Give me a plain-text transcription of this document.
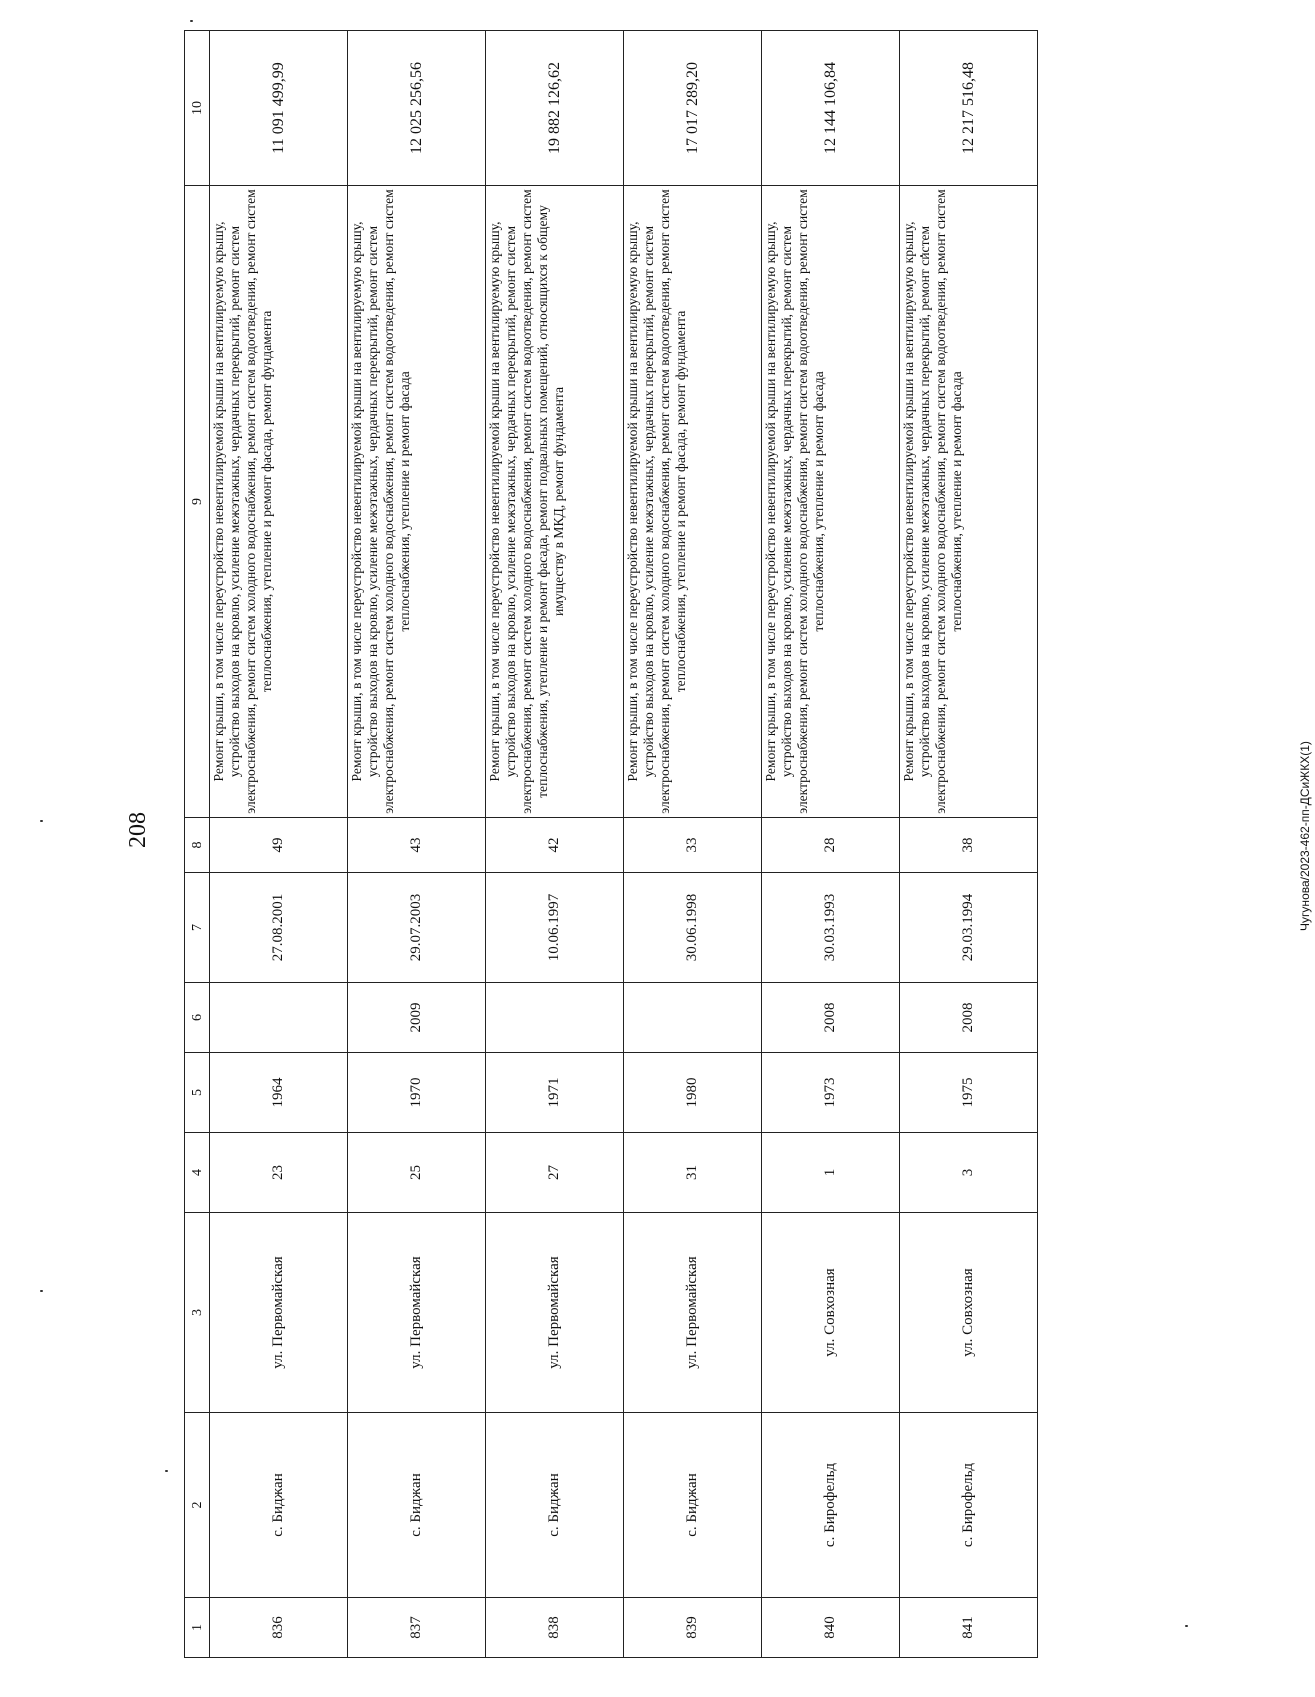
208	Чугунова/2023-462-пп-ДСиЖКХ(1)
1	2	3	4	5	6	7	8	9	10
836	с. Биджан	ул. Первомайская	23	1964		27.08.2001	49	Ремонт крыши, в том числе переустройство невентилируемой крыши на вентилируемую крышу, устройство выходов на кровлю, усиление межэтажных, чердачных перекрытий, ремонт систем электроснабжения, ремонт систем холодного водоснабжения, ремонт систем водоотведения, ремонт систем теплоснабжения, утепление и ремонт фасада, ремонт фундамента	11 091 499,99
837	с. Биджан	ул. Первомайская	25	1970	2009	29.07.2003	43	Ремонт крыши, в том числе переустройство невентилируемой крыши на вентилируемую крышу, устройство выходов на кровлю, усиление межэтажных, чердачных перекрытий, ремонт систем электроснабжения, ремонт систем холодного водоснабжения, ремонт систем водоотведения, ремонт систем теплоснабжения, утепление и ремонт фасада	12 025 256,56
838	с. Биджан	ул. Первомайская	27	1971		10.06.1997	42	Ремонт крыши, в том числе переустройство невентилируемой крыши на вентилируемую крышу, устройство выходов на кровлю, усиление межэтажных, чердачных перекрытий, ремонт систем электроснабжения, ремонт систем холодного водоснабжения, ремонт систем водоотведения, ремонт систем теплоснабжения, утепление и ремонт фасада, ремонт подвальных помещений, относящихся к общему имуществу в МКД, ремонт фундамента	19 882 126,62
839	с. Биджан	ул. Первомайская	31	1980		30.06.1998	33	Ремонт крыши, в том числе переустройство невентилируемой крыши на вентилируемую крышу, устройство выходов на кровлю, усиление межэтажных, чердачных перекрытий, ремонт систем электроснабжения, ремонт систем холодного водоснабжения, ремонт систем водоотведения, ремонт систем теплоснабжения, утепление и ремонт фасада, ремонт фундамента	17 017 289,20
840	с. Бирофельд	ул. Совхозная	1	1973	2008	30.03.1993	28	Ремонт крыши, в том числе переустройство невентилируемой крыши на вентилируемую крышу, устройство выходов на кровлю, усиление межэтажных, чердачных перекрытий, ремонт систем электроснабжения, ремонт систем холодного водоснабжения, ремонт систем водоотведения, ремонт систем теплоснабжения, утепление и ремонт фасада	12 144 106,84
841	с. Бирофельд	ул. Совхозная	3	1975	2008	29.03.1994	38	Ремонт крыши, в том числе переустройство невентилируемой крыши на вентилируемую крышу, устройство выходов на кровлю, усиление межэтажных, чердачных перекрытий, ремонт систем электроснабжения, ремонт систем холодного водоснабжения, ремонт систем водоотведения, ремонт систем теплоснабжения, утепление и ремонт фасада	12 217 516,48
